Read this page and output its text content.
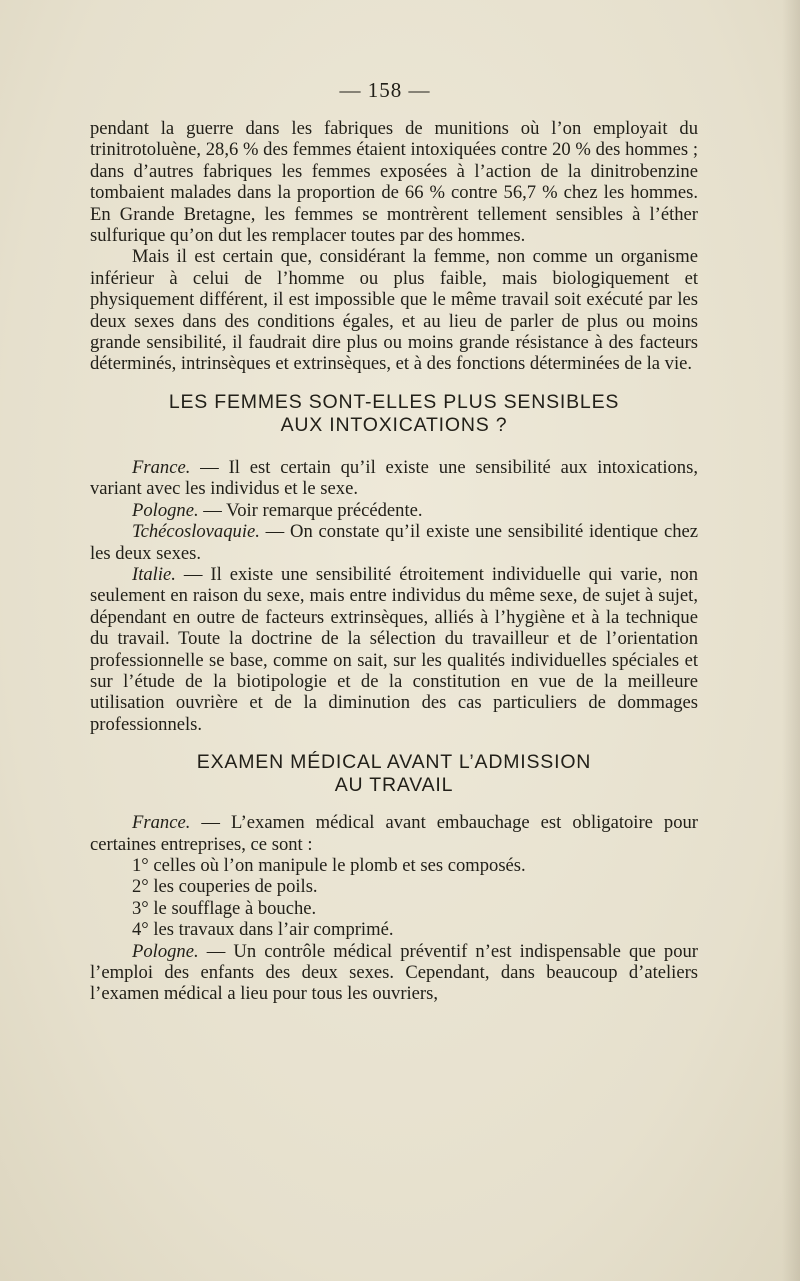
— 158 —

pendant la guerre dans les fabriques de munitions où l’on employait du trinitrotoluène, 28,6 % des femmes étaient intoxiquées contre 20 % des hommes ; dans d’autres fabriques les femmes exposées à l’action de la dinitrobenzine tombaient malades dans la proportion de 66 % contre 56,7 % chez les hommes. En Grande Bretagne, les femmes se montrèrent tellement sensibles à l’éther sulfurique qu’on dut les remplacer toutes par des hommes.

Mais il est certain que, considérant la femme, non comme un organisme inférieur à celui de l’homme ou plus faible, mais biologiquement et physiquement différent, il est impossible que le même travail soit exécuté par les deux sexes dans des conditions égales, et au lieu de parler de plus ou moins grande sensibilité, il faudrait dire plus ou moins grande résistance à des facteurs déterminés, intrinsèques et extrinsèques, et à des fonctions déterminées de la vie.

LES FEMMES SONT-ELLES PLUS SENSIBLES
AUX INTOXICATIONS ?

France. — Il est certain qu’il existe une sensibilité aux intoxications, variant avec les individus et le sexe.

Pologne. — Voir remarque précédente.

Tchécoslovaquie. — On constate qu’il existe une sensibilité identique chez les deux sexes.

Italie. — Il existe une sensibilité étroitement individuelle qui varie, non seulement en raison du sexe, mais entre individus du même sexe, de sujet à sujet, dépendant en outre de facteurs extrinsèques, alliés à l’hygiène et à la technique du travail. Toute la doctrine de la sélection du travailleur et de l’orientation professionnelle se base, comme on sait, sur les qualités individuelles spéciales et sur l’étude de la biotipologie et de la constitution en vue de la meilleure utilisation ouvrière et de la diminution des cas particuliers de dommages professionnels.

EXAMEN MÉDICAL AVANT L’ADMISSION
AU TRAVAIL

France. — L’examen médical avant embauchage est obligatoire pour certaines entreprises, ce sont :

1° celles où l’on manipule le plomb et ses composés.

2° les couperies de poils.

3° le soufflage à bouche.

4° les travaux dans l’air comprimé.

Pologne. — Un contrôle médical préventif n’est indispensable que pour l’emploi des enfants des deux sexes. Cependant, dans beaucoup d’ateliers l’examen médical a lieu pour tous les ouvriers,
